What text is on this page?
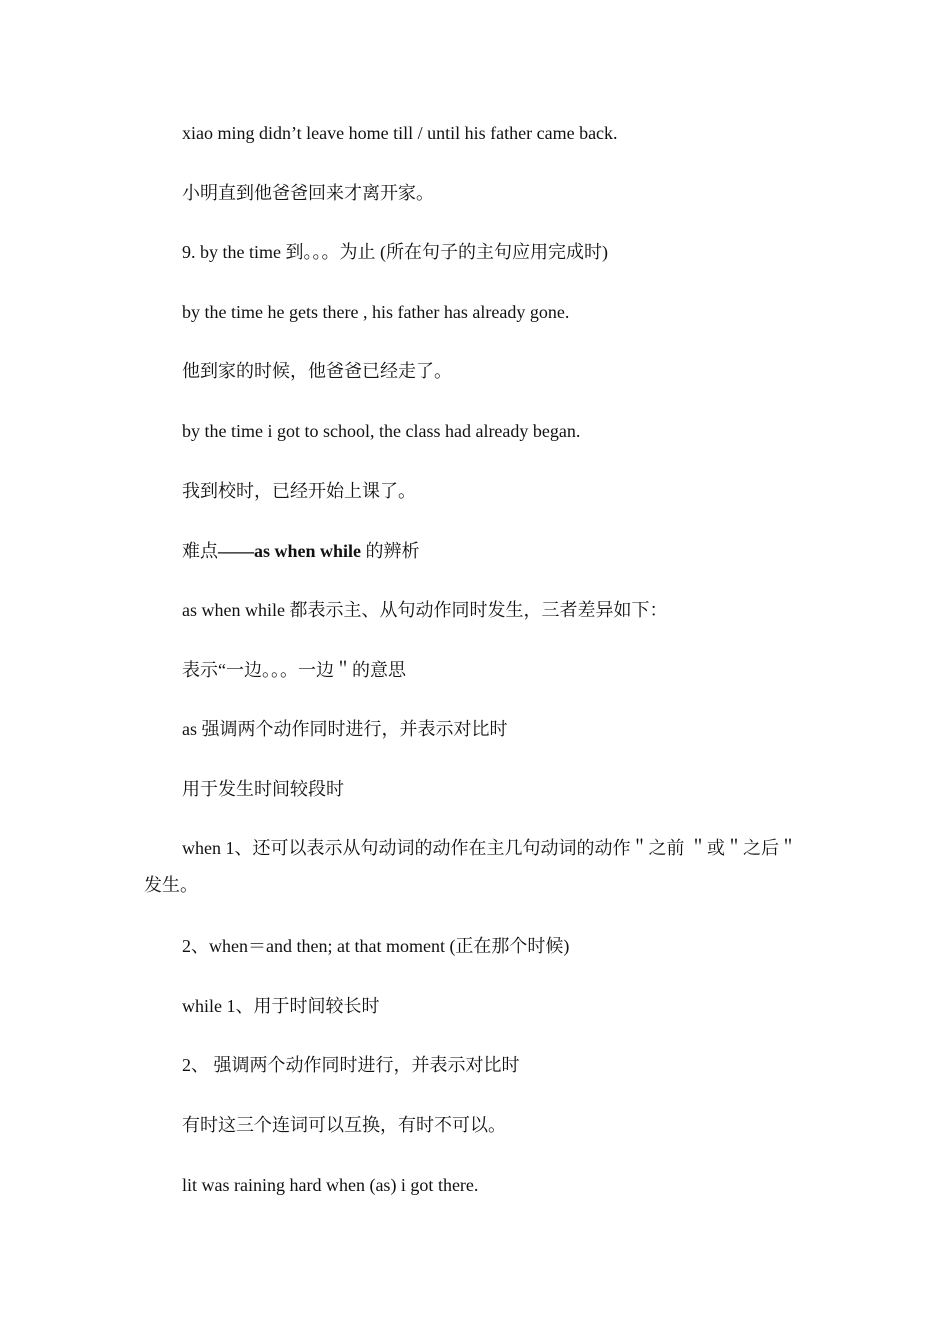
xiao ming didn’t leave home till / until his father came back.
小明直到他爸爸回来才离开家。
9. by the time 到。。。为止 (所在句子的主句应用完成时)
by the time he gets there , his father has already gone.
他到家的时候，他爸爸已经走了。
by the time i got to school, the class had already began.
我到校时，已经开始上课了。
难点——as when while 的辨析
as when while 都表示主、从句动作同时发生，三者差异如下：
表示“一边。。。一边＂的意思
as 强调两个动作同时进行，并表示对比时
用于发生时间较段时
when 1、还可以表示从句动词的动作在主几句动词的动作＂之前 ＂或＂之后＂发生。
2、when＝and then; at that moment (正在那个时候)
while 1、用于时间较长时
2、 强调两个动作同时进行，并表示对比时
有时这三个连词可以互换，有时不可以。
lit was raining hard when (as) i got there.
